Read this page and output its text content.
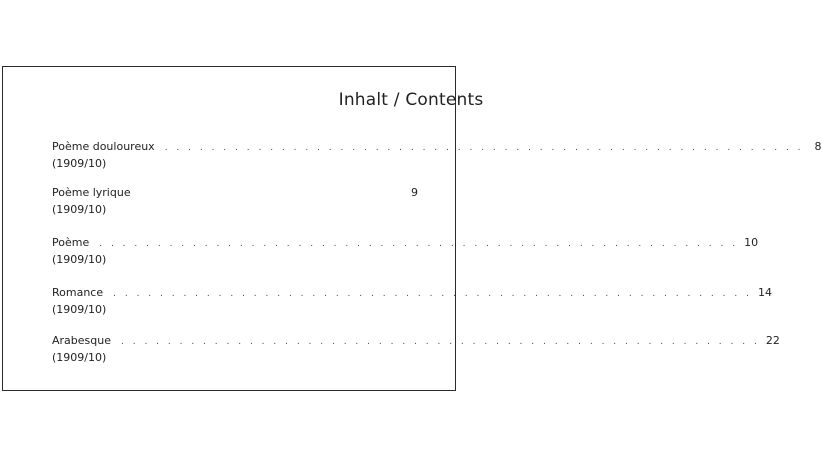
Inhalt / Contents
Poème douloureux . . . . . . . . . . . . . . . . . . . . . . . . . . . . . . . . . . . . . . . . . . . . . . . . . . . . . . .	8
(1909/10)
Poème lyrique	9
(1909/10)
Poème . . . . . . . . . . . . . . . . . . . . . . . . . . . . . . . . . . . . . . . . . . . . . . . . . . . . . . . 10
(1909/10)
Romance . . . . . . . . . . . . . . . . . . . . . . . . . . . . . . . . . . . . . . . . . . . . . . . . . . . . . . . 14
(1909/10)
Arabesque . . . . . . . . . . . . . . . . . . . . . . . . . . . . . . . . . . . . . . . . . . . . . . . . . . . . . . . 22
(1909/10)
